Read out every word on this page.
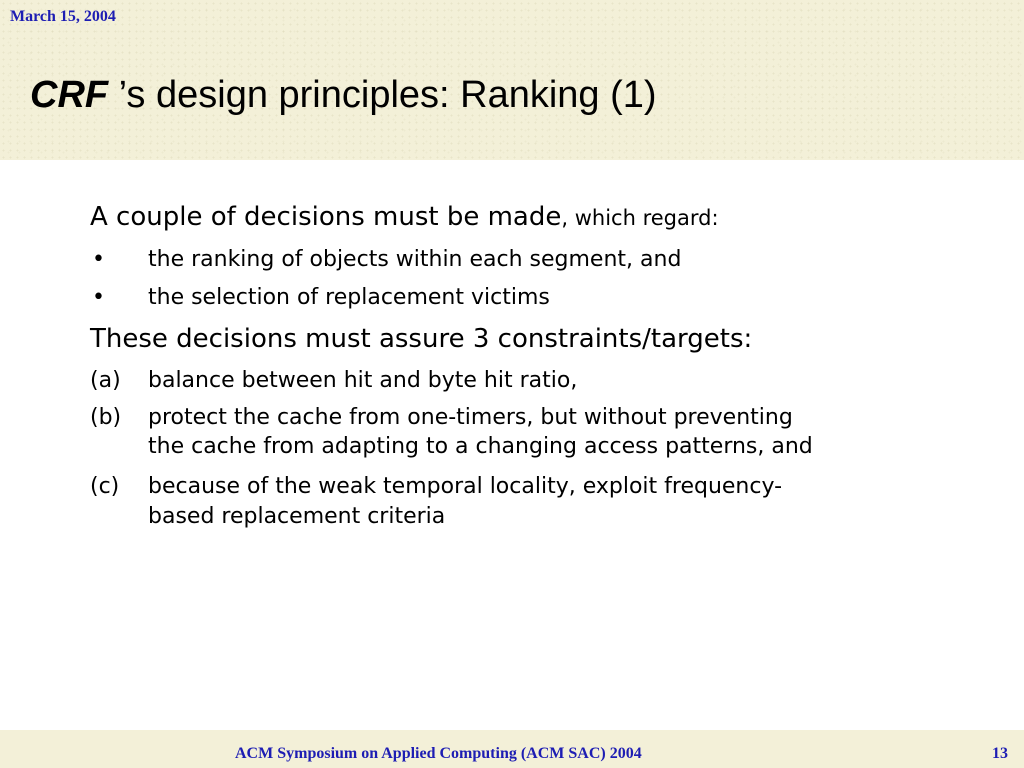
March 15, 2004
CRF ’s design principles: Ranking (1)
A couple of decisions must be made, which regard:
• the ranking of objects within each segment, and
• the selection of replacement victims
These decisions must assure 3 constraints/targets:
(a) balance between hit and byte hit ratio,
(b) protect the cache from one-timers, but without preventing
the cache from adapting to a changing access patterns, and
(c) because of the weak temporal locality, exploit frequency-
based replacement criteria
ACM Symposium on Applied Computing (ACM SAC) 2004	13
